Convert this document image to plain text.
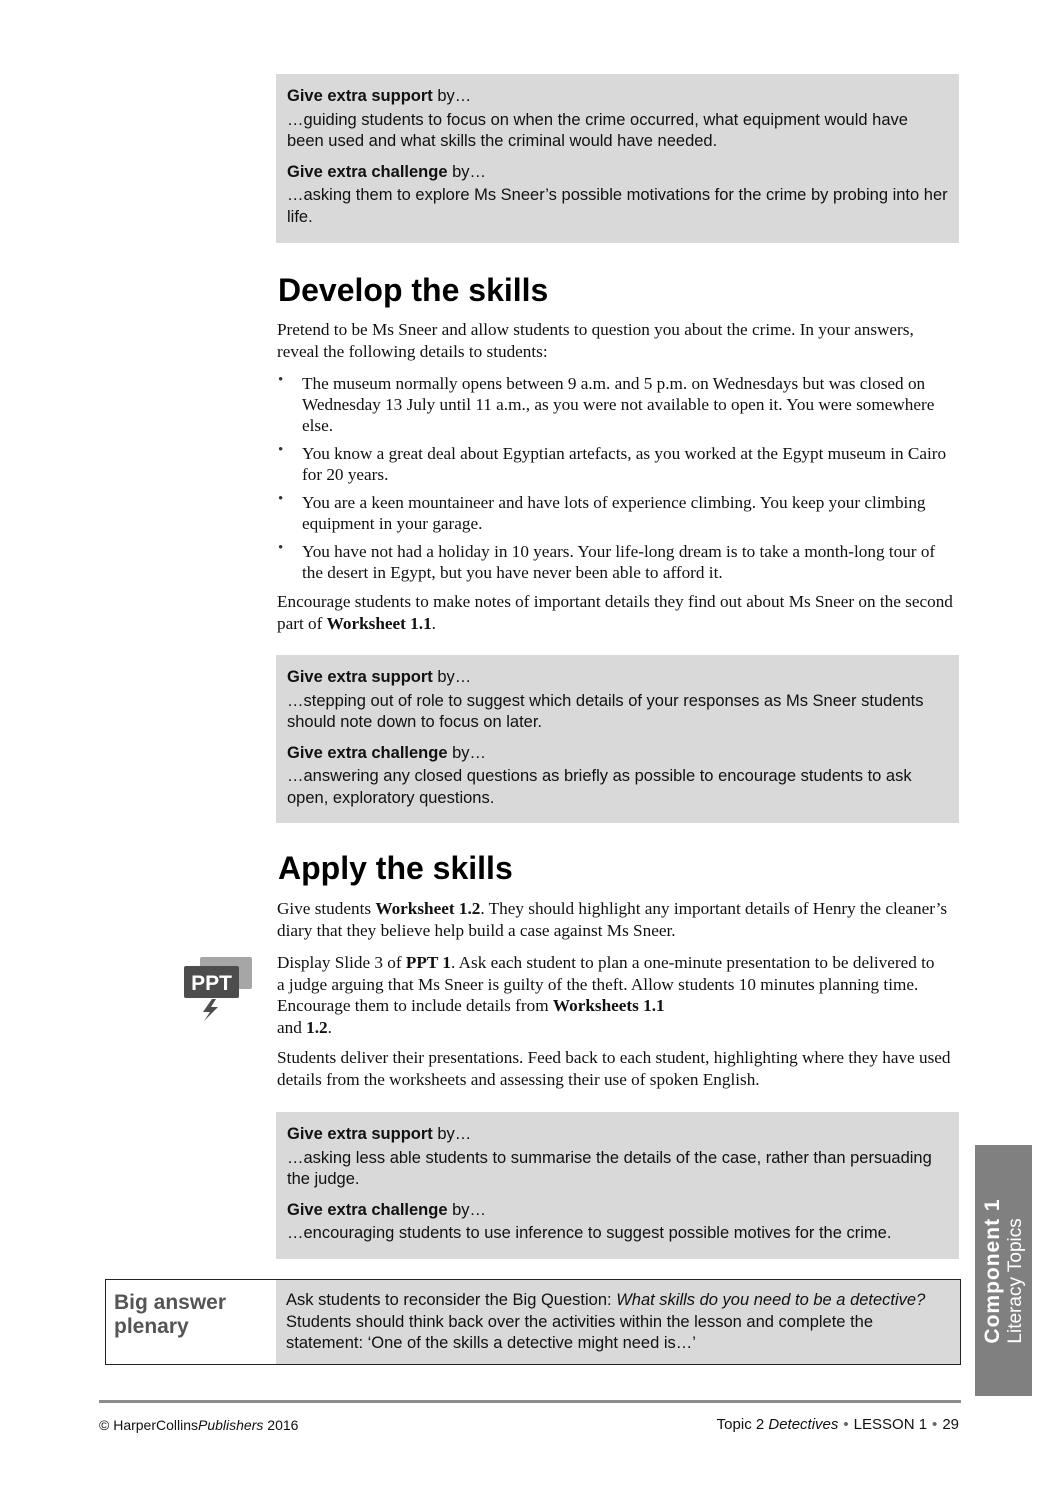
Give extra support by…

…guiding students to focus on when the crime occurred, what equipment would have been used and what skills the criminal would have needed.

Give extra challenge by…

…asking them to explore Ms Sneer’s possible motivations for the crime by probing into her life.

Develop the skills

Pretend to be Ms Sneer and allow students to question you about the crime. In your answers, reveal the following details to students:

• The museum normally opens between 9 a.m. and 5 p.m. on Wednesdays but was closed on Wednesday 13 July until 11 a.m., as you were not available to open it. You were somewhere else.
• You know a great deal about Egyptian artefacts, as you worked at the Egypt museum in Cairo for 20 years.
• You are a keen mountaineer and have lots of experience climbing. You keep your climbing equipment in your garage.
• You have not had a holiday in 10 years. Your life-long dream is to take a month-long tour of the desert in Egypt, but you have never been able to afford it.

Encourage students to make notes of important details they find out about Ms Sneer on the second part of Worksheet 1.1.

Give extra support by…

…stepping out of role to suggest which details of your responses as Ms Sneer students should note down to focus on later.

Give extra challenge by…

…answering any closed questions as briefly as possible to encourage students to ask open, exploratory questions.

Apply the skills

Give students Worksheet 1.2. They should highlight any important details of Henry the cleaner’s diary that they believe help build a case against Ms Sneer.

PPT

Display Slide 3 of PPT 1. Ask each student to plan a one-minute presentation to be delivered to a judge arguing that Ms Sneer is guilty of the theft. Allow students 10 minutes planning time. Encourage them to include details from Worksheets 1.1
and 1.2.

Students deliver their presentations. Feed back to each student, highlighting where they have used details from the worksheets and assessing their use of spoken English.

Give extra support by…

…asking less able students to summarise the details of the case, rather than persuading the judge.

Give extra challenge by…

…encouraging students to use inference to suggest possible motives for the crime.

Big answer
plenary
Ask students to reconsider the Big Question: What skills do you need to be a detective? Students should think back over the activities within the lesson and complete the statement: ‘One of the skills a detective might need is…’	Component 1 Literacy Topics
© HarperCollinsPublishers 2016	Topic 2 Detectives • LESSON 1 • 29
